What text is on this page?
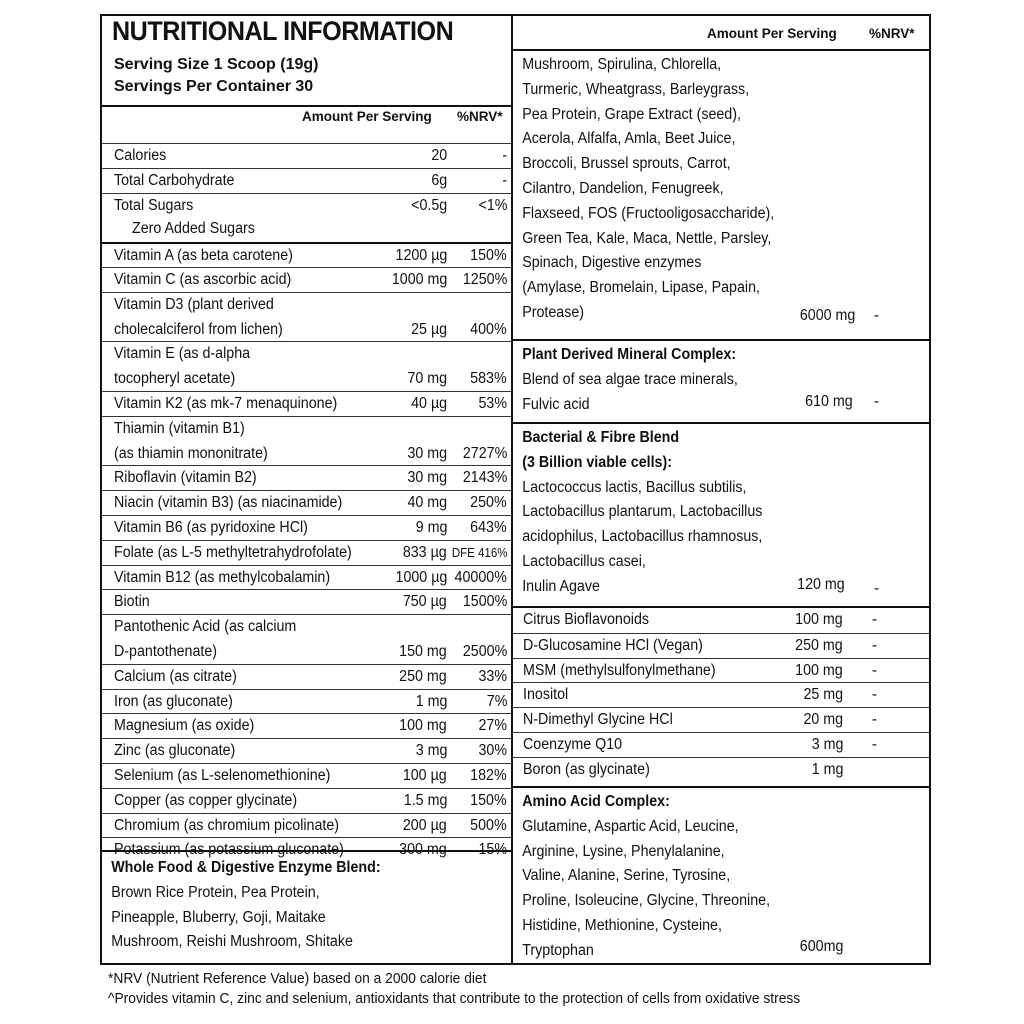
NUTRITIONAL INFORMATION
Serving Size 1 Scoop (19g)
Servings Per Container 30
Amount Per Serving %NRV*
Calories	20	-
Total Carbohydrate	6g	-
Total Sugars	<0.5g <1%
Zero Added Sugars
Vitamin A (as beta carotene)	1200 µg 150%
Vitamin C (as ascorbic acid)	1000 mg 1250%
Vitamin D3 (plant derived
cholecalciferol from lichen)	25 µg 400%
Vitamin E (as d-alpha
tocopheryl acetate)	70 mg 583%
Vitamin K2 (as mk-7 menaquinone)	40 µg 53%
Thiamin (vitamin B1)
(as thiamin mononitrate)	30 mg 2727%
Riboflavin (vitamin B2)	30 mg 2143%
Niacin (vitamin B3) (as niacinamide)	40 mg 250%
Vitamin B6 (as pyridoxine HCl)	9 mg 643%
Folate (as L-5 methyltetrahydrofolate)	833 µg DFE 416%
Vitamin B12 (as methylcobalamin)	1000 µg 40000%
Biotin	750 µg 1500%
Pantothenic Acid (as calcium
D-pantothenate)	150 mg 2500%
Calcium (as citrate)	250 mg 33%
Iron (as gluconate)	1 mg	7%
Magnesium (as oxide)	100 mg 27%
Zinc (as gluconate)	3 mg 30%
Selenium (as L-selenomethionine)	100 µg 182%
Copper (as copper glycinate)	1.5 mg 150%
Chromium (as chromium picolinate)	200 µg 500%
Potassium (as potassium gluconate)	300 mg 15%
Whole Food & Digestive Enzyme Blend:
Brown Rice Protein, Pea Protein,
Pineapple, Bluberry, Goji, Maitake
Mushroom, Reishi Mushroom, Shitake
Amount Per Serving %NRV*
Mushroom, Spirulina, Chlorella,
Turmeric, Wheatgrass, Barleygrass,
Pea Protein, Grape Extract (seed),
Acerola, Alfalfa, Amla, Beet Juice,
Broccoli, Brussel sprouts, Carrot,
Cilantro, Dandelion, Fenugreek,
Flaxseed, FOS (Fructooligosaccharide),
Green Tea, Kale, Maca, Nettle, Parsley,
Spinach, Digestive enzymes
(Amylase, Bromelain, Lipase, Papain,
Protease)	6000 mg -
Plant Derived Mineral Complex:
Blend of sea algae trace minerals,
Fulvic acid	610 mg -
Bacterial & Fibre Blend
(3 Billion viable cells):
Lactococcus lactis, Bacillus subtilis,
Lactobacillus plantarum, Lactobacillus
acidophilus, Lactobacillus rhamnosus,
Lactobacillus casei,
Inulin Agave	120 mg -
Citrus Bioflavonoids	100 mg -
D-Glucosamine HCl (Vegan)	250 mg -
MSM (methylsulfonylmethane)	100 mg -
Inositol	25 mg -
N-Dimethyl Glycine HCl	20 mg -
Coenzyme Q10	3 mg -
Boron (as glycinate)	1 mg
Amino Acid Complex:
Glutamine, Aspartic Acid, Leucine,
Arginine, Lysine, Phenylalanine,
Valine, Alanine, Serine, Tyrosine,
Proline, Isoleucine, Glycine, Threonine,
Histidine, Methionine, Cysteine,
Tryptophan	600mg
*NRV (Nutrient Reference Value) based on a 2000 calorie diet
^Provides vitamin C, zinc and selenium, antioxidants that contribute to the protection of cells from oxidative stress
